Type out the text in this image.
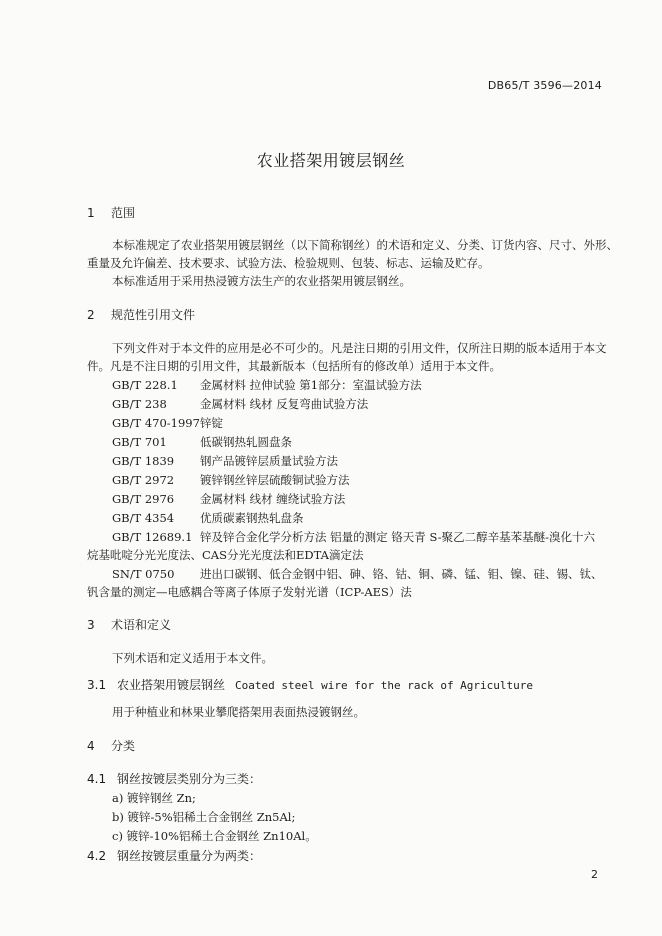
DB65/T 3596—2014
农业搭架用镀层钢丝
1 范围
本标准规定了农业搭架用镀层钢丝（以下简称钢丝）的术语和定义、分类、订货内容、尺寸、外形、
重量及允许偏差、技术要求、试验方法、检验规则、包装、标志、运输及贮存。
本标准适用于采用热浸镀方法生产的农业搭架用镀层钢丝。
2 规范性引用文件
下列文件对于本文件的应用是必不可少的。凡是注日期的引用文件，仅所注日期的版本适用于本文
件。凡是不注日期的引用文件，其最新版本（包括所有的修改单）适用于本文件。
GB/T 228.1 金属材料 拉伸试验 第1部分：室温试验方法
GB/T 238	金属材料 线材 反复弯曲试验方法
GB/T 470-1997锌锭
GB/T 701	低碳钢热轧圆盘条
GB/T 1839 钢产品镀锌层质量试验方法
GB/T 2972 镀锌钢丝锌层硫酸铜试验方法
GB/T 2976 金属材料 线材 缠绕试验方法
GB/T 4354 优质碳素钢热轧盘条
GB/T 12689.1 锌及锌合金化学分析方法 铝量的测定 铬天青 S-聚乙二醇辛基苯基醚-溴化十六
烷基吡啶分光光度法、CAS分光光度法和EDTA滴定法
SN/T 0750 进出口碳钢、低合金钢中铝、砷、铬、钴、铜、磷、锰、钼、镍、硅、锡、钛、
钒含量的测定—电感耦合等离子体原子发射光谱（ICP-AES）法
3 术语和定义
下列术语和定义适用于本文件。
3.1 农业搭架用镀层钢丝 Coated steel wire for the rack of Agriculture
用于种植业和林果业攀爬搭架用表面热浸镀钢丝。
4 分类
4.1 钢丝按镀层类别分为三类：
a) 镀锌钢丝 Zn;
b) 镀锌-5%铝稀土合金钢丝 Zn5Al;
c) 镀锌-10%铝稀土合金钢丝 Zn10Al。
4.2 钢丝按镀层重量分为两类：
2
